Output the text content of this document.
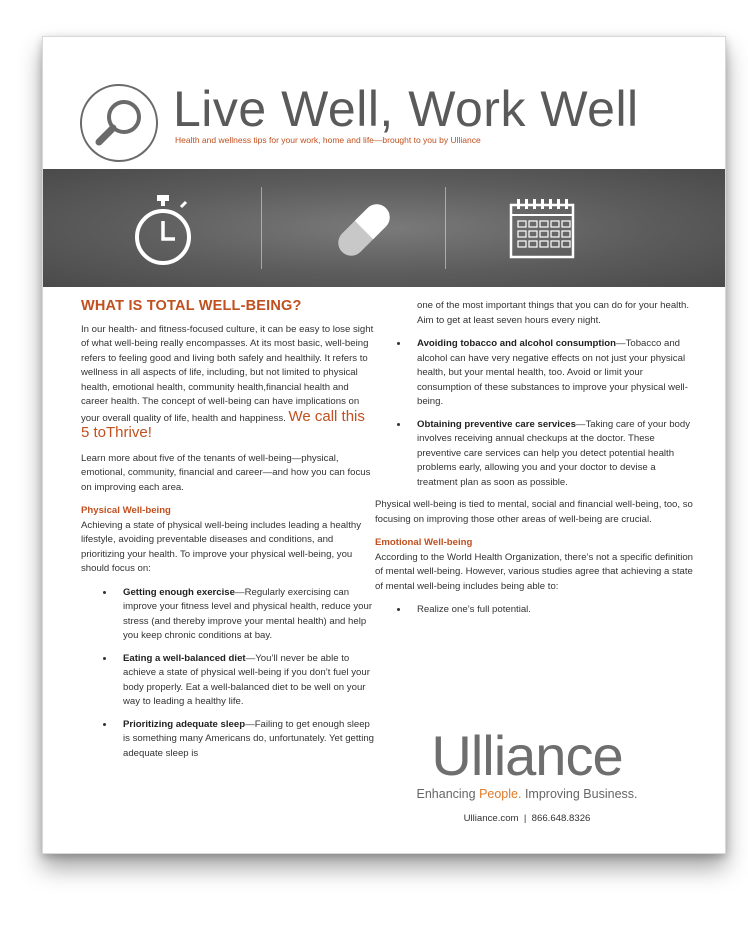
Live Well, Work Well
Health and wellness tips for your work, home and life—brought to you by Ulliance
WHAT IS TOTAL WELL-BEING?

In our health- and fitness-focused culture, it can be easy to lose sight of what well-being really encompasses. At its most basic, well-being refers to feeling good and living both safely and healthily. It refers to wellness in all aspects of life, including, but not limited to physical health, emotional health, community health,financial health and career health. The concept of well-being can have implications on your overall quality of life, health and happiness. We call this 5 toThrive!

Learn more about five of the tenants of well-being—physical, emotional, community, financial and career—and how you can focus on improving each area.

Physical Well-being

Achieving a state of physical well-being includes leading a healthy lifestyle, avoiding preventable diseases and conditions, and prioritizing your health. To improve your physical well-being, you should focus on:

• Getting enough exercise—Regularly exercising can improve your fitness level and physical health, reduce your stress (and thereby improve your mental health) and help you keep chronic conditions at bay.
• Eating a well-balanced diet—You’ll never be able to achieve a state of physical well-being if you don’t fuel your body properly. Eat a well-balanced diet to be well on your way to leading a healthy life.
• Prioritizing adequate sleep—Failing to get enough sleep is something many Americans do, unfortunately. Yet getting adequate sleep is

one of the most important things that you can do for your health. Aim to get at least seven hours every night.

• Avoiding tobacco and alcohol consumption—Tobacco and alcohol can have very negative effects on not just your physical health, but your mental health, too. Avoid or limit your consumption of these substances to improve your physical well-being.
• Obtaining preventive care services—Taking care of your body involves receiving annual checkups at the doctor. These preventive care services can help you detect potential health problems early, allowing you and your doctor to devise a treatment plan as soon as possible.

Physical well-being is tied to mental, social and financial well-being, too, so focusing on improving those other areas of well-being are crucial.

Emotional Well-being

According to the World Health Organization, there’s not a specific definition of mental well-being. However, various studies agree that achieving a state of mental well-being includes being able to:

• Realize one’s full potential.
Ulliance
Enhancing People. Improving Business.
Ulliance.com  |  866.648.8326
